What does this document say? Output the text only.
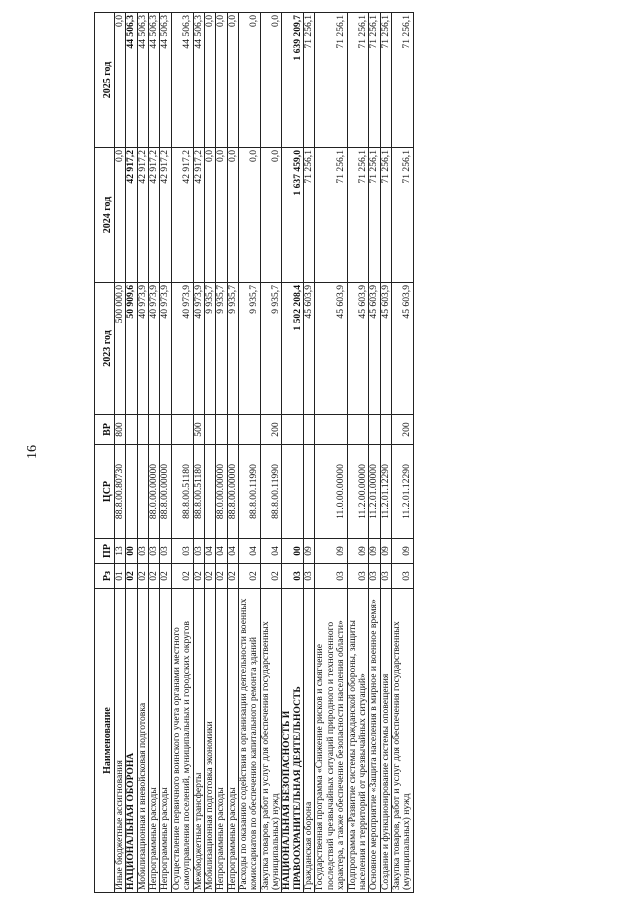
16
Наименование	Рз	ПР	ЦСР	ВР	2023 год	2024 год	2025 год
Иные бюджетные ассигнования	01	13	88.8.00.80730	800	500 000,0	0,0	0,0
НАЦИОНАЛЬНАЯ ОБОРОНА	02	00			50 909,6	42 917,2	44 506,3
Мобилизационная и вневойсковая подготовка	02	03			40 973,9	42 917,2	44 506,3
Непрограммные расходы	02	03	88.0.00.00000		40 973,9	42 917,2	44 506,3
Непрограммные расходы	02	03	88.8.00.00000		40 973,9	42 917,2	44 506,3
Осуществление первичного воинского учета органами местного самоуправления поселений, муниципальных и городских округов	02	03	88.8.00.51180		40 973,9	42 917,2	44 506,3
Межбюджетные трансферты	02	03	88.8.00.51180	500	40 973,9	42 917,2	44 506,3
Мобилизационная подготовка экономики	02	04			9 935,7	0,0	0,0
Непрограммные расходы	02	04	88.0.00.00000		9 935,7	0,0	0,0
Непрограммные расходы	02	04	88.8.00.00000		9 935,7	0,0	0,0
Расходы по оказанию содействия в организации деятельности военных комиссариатов по обеспечению капитального ремонта зданий	02	04	88.8.00.11990		9 935,7	0,0	0,0
Закупка товаров, работ и услуг для обеспечения государственных (муниципальных) нужд	02	04	88.8.00.11990	200	9 935,7	0,0	0,0
НАЦИОНАЛЬНАЯ БЕЗОПАСНОСТЬ И ПРАВООХРАНИТЕЛЬНАЯ ДЕЯТЕЛЬНОСТЬ	03	00			1 502 208,4	1 637 459,0	1 639 209,7
Гражданская оборона	03	09			45 603,9	71 256,1	71 256,1
Государственная программа «Снижение рисков и смягчение последствий чрезвычайных ситуаций природного и техногенного характера, а также обеспечение безопасности населения области»	03	09	11.0.00.00000		45 603,9	71 256,1	71 256,1
Подпрограмма «Развитие системы гражданской обороны, защиты населения и территорий от чрезвычайных ситуаций»	03	09	11.2.00.00000		45 603,9	71 256,1	71 256,1
Основное мероприятие «Защита населения в мирное и военное время»	03	09	11.2.01.00000		45 603,9	71 256,1	71 256,1
Создание и функционирование системы оповещения	03	09	11.2.01.12290		45 603,9	71 256,1	71 256,1
Закупка товаров, работ и услуг для обеспечения государственных (муниципальных) нужд	03	09	11.2.01.12290	200	45 603,9	71 256,1	71 256,1
